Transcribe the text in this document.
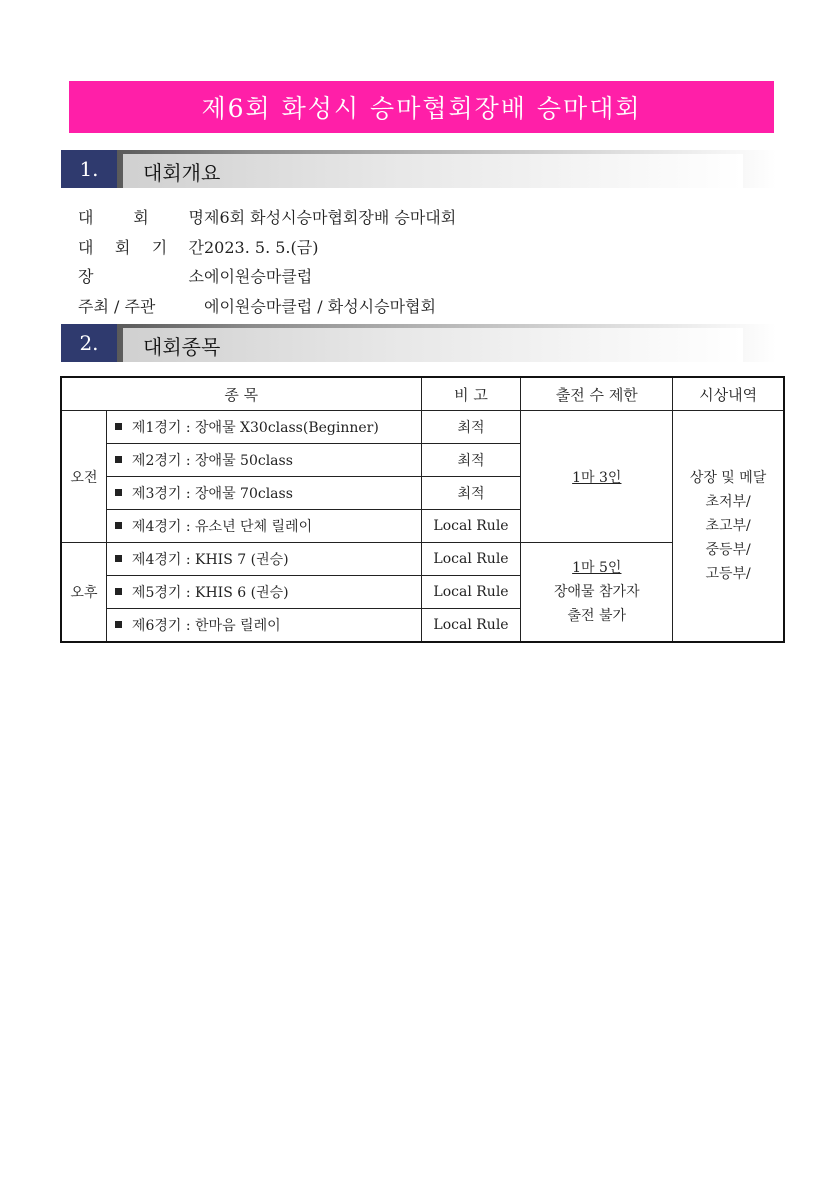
제6회 화성시 승마협회장배 승마대회
1.	대회개요
대 회 명 제6회 화성시승마협회장배 승마대회
대 회 기 간 2023. 5. 5.(금)
장	소 에이원승마클럽
주최 / 주관	에이원승마클럽 / 화성시승마협회
2.	대회종목
종 목		비 고	출전 수 제한	시상내역
오전	제1경기 : 장애물 X30class(Beginner)	최적	1마 3인	상장 및 메달
초저부/
초고부/
중등부/
고등부/

	제2경기 : 장애물 50class	최적		
	제3경기 : 장애물 70class	최적		
	제4경기 : 유소년 단체 릴레이	Local Rule		
오후	제4경기 : KHIS 7 (권승)	Local Rule	1마 5인
장애물 참가자
출전 불가	

	제5경기 : KHIS 6 (권승)	Local Rule		
	제6경기 : 한마음 릴레이	Local Rule		
